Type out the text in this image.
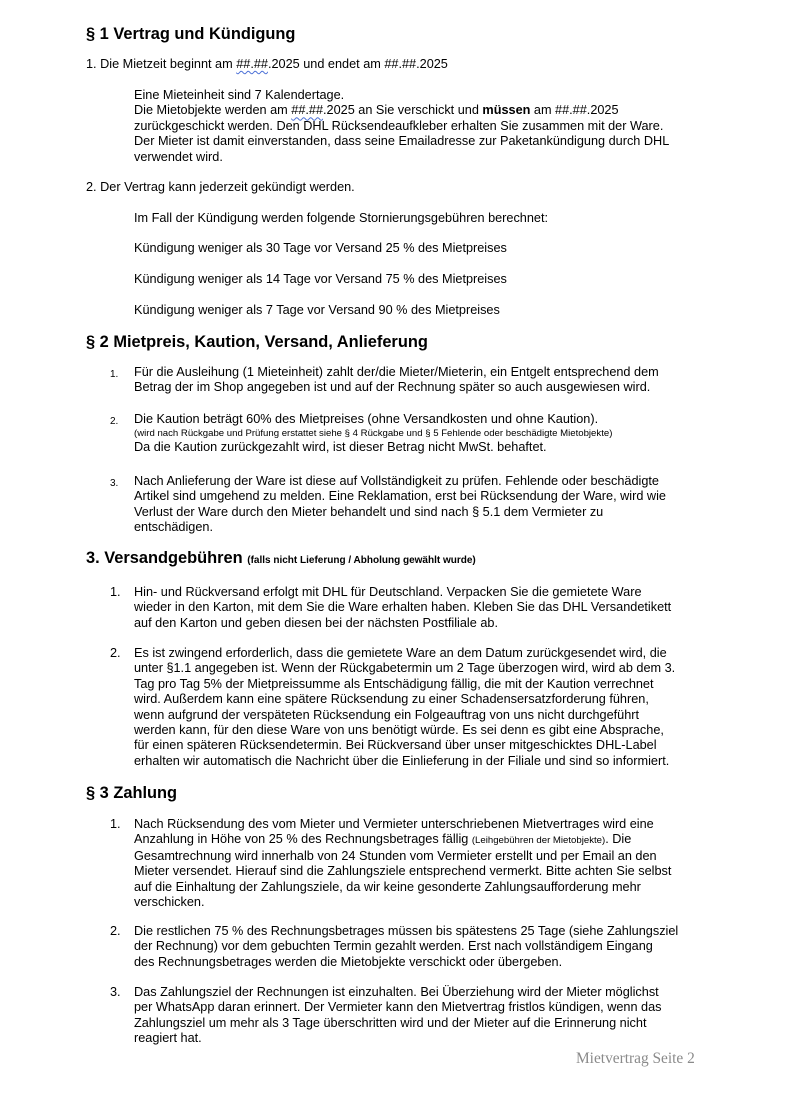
§ 1 Vertrag und Kündigung

1. Die Mietzeit beginnt am ##.##.2025 und endet am ##.##.2025

Eine Mieteinheit sind 7 Kalendertage.
Die Mietobjekte werden am ##.##.2025 an Sie verschickt und müssen am ##.##.2025
zurückgeschickt werden. Den DHL Rücksendeaufkleber erhalten Sie zusammen mit der Ware.
Der Mieter ist damit einverstanden, dass seine Emailadresse zur Paketankündigung durch DHL
verwendet wird.

2. Der Vertrag kann jederzeit gekündigt werden.

Im Fall der Kündigung werden folgende Stornierungsgebühren berechnet:

Kündigung weniger als 30 Tage vor Versand 25 % des Mietpreises

Kündigung weniger als 14 Tage vor Versand 75 % des Mietpreises

Kündigung weniger als 7 Tage vor Versand 90 % des Mietpreises

§ 2 Mietpreis, Kaution, Versand, Anlieferung
1. Für die Ausleihung (1 Mieteinheit) zahlt der/die Mieter/Mieterin, ein Entgelt entsprechend dem
Betrag der im Shop angegeben ist und auf der Rechnung später so auch ausgewiesen wird.
2. Die Kaution beträgt 60% des Mietpreises (ohne Versandkosten und ohne Kaution).
(wird nach Rückgabe und Prüfung erstattet siehe § 4 Rückgabe und § 5 Fehlende oder beschädigte Mietobjekte)
Da die Kaution zurückgezahlt wird, ist dieser Betrag nicht MwSt. behaftet.
3. Nach Anlieferung der Ware ist diese auf Vollständigkeit zu prüfen. Fehlende oder beschädigte
Artikel sind umgehend zu melden. Eine Reklamation, erst bei Rücksendung der Ware, wird wie
Verlust der Ware durch den Mieter behandelt und sind nach § 5.1 dem Vermieter zu
entschädigen.
3. Versandgebühren (falls nicht Lieferung / Abholung gewählt wurde)
1. Hin- und Rückversand erfolgt mit DHL für Deutschland. Verpacken Sie die gemietete Ware
wieder in den Karton, mit dem Sie die Ware erhalten haben. Kleben Sie das DHL Versandetikett
auf den Karton und geben diesen bei der nächsten Postfiliale ab.
2. Es ist zwingend erforderlich, dass die gemietete Ware an dem Datum zurückgesendet wird, die
unter §1.1 angegeben ist. Wenn der Rückgabetermin um 2 Tage überzogen wird, wird ab dem 3.
Tag pro Tag 5% der Mietpreissumme als Entschädigung fällig, die mit der Kaution verrechnet
wird. Außerdem kann eine spätere Rücksendung zu einer Schadensersatzforderung führen,
wenn aufgrund der verspäteten Rücksendung ein Folgeauftrag von uns nicht durchgeführt
werden kann, für den diese Ware von uns benötigt würde. Es sei denn es gibt eine Absprache,
für einen späteren Rücksendetermin. Bei Rückversand über unser mitgeschicktes DHL-Label
erhalten wir automatisch die Nachricht über die Einlieferung in der Filiale und sind so informiert.
§ 3 Zahlung
1. Nach Rücksendung des vom Mieter und Vermieter unterschriebenen Mietvertrages wird eine
Anzahlung in Höhe von 25 % des Rechnungsbetrages fällig (Leihgebühren der Mietobjekte). Die
Gesamtrechnung wird innerhalb von 24 Stunden vom Vermieter erstellt und per Email an den
Mieter versendet. Hierauf sind die Zahlungsziele entsprechend vermerkt. Bitte achten Sie selbst
auf die Einhaltung der Zahlungsziele, da wir keine gesonderte Zahlungsaufforderung mehr
verschicken.
2. Die restlichen 75 % des Rechnungsbetrages müssen bis spätestens 25 Tage (siehe Zahlungsziel
der Rechnung) vor dem gebuchten Termin gezahlt werden. Erst nach vollständigem Eingang
des Rechnungsbetrages werden die Mietobjekte verschickt oder übergeben.
3. Das Zahlungsziel der Rechnungen ist einzuhalten. Bei Überziehung wird der Mieter möglichst
per WhatsApp daran erinnert. Der Vermieter kann den Mietvertrag fristlos kündigen, wenn das
Zahlungsziel um mehr als 3 Tage überschritten wird und der Mieter auf die Erinnerung nicht
reagiert hat.
Mietvertrag Seite 2
